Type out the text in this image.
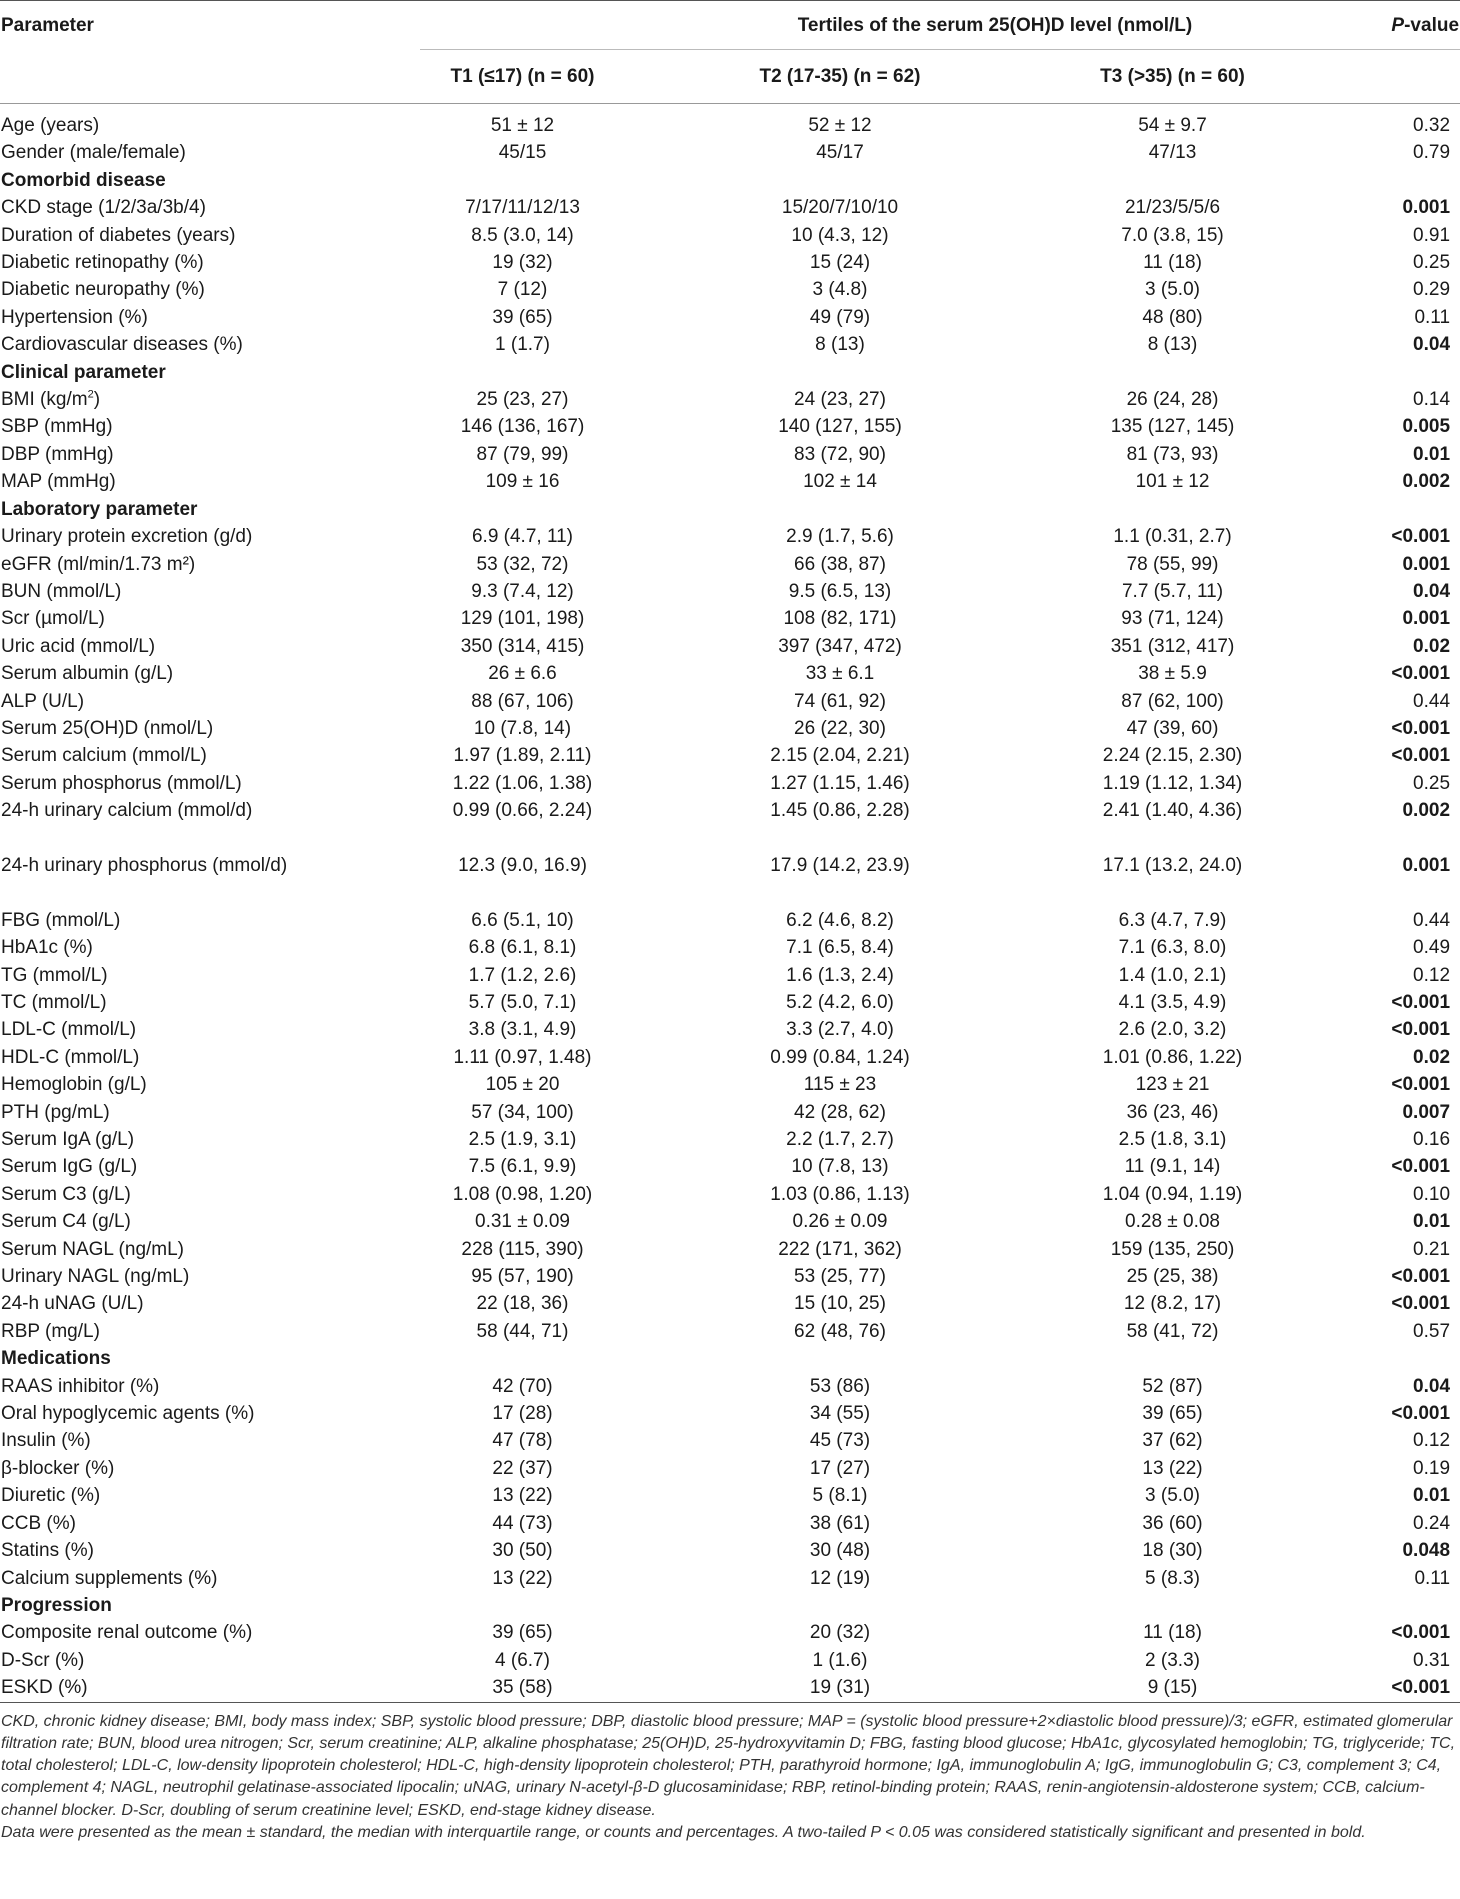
Parameter	Tertiles of the serum 25(OH)D level (nmol/L)			P-value
	T1 (≤17) (n = 60)	T2 (17-35) (n = 62)	T3 (>35) (n = 60)	

Age (years)	51 ± 12	52 ± 12	54 ± 9.7	0.32
Gender (male/female)	45/15	45/17	47/13	0.79
Comorbid disease				
CKD stage (1/2/3a/3b/4)	7/17/11/12/13	15/20/7/10/10	21/23/5/5/6	0.001
Duration of diabetes (years)	8.5 (3.0, 14)	10 (4.3, 12)	7.0 (3.8, 15)	0.91
Diabetic retinopathy (%)	19 (32)	15 (24)	11 (18)	0.25
Diabetic neuropathy (%)	7 (12)	3 (4.8)	3 (5.0)	0.29
Hypertension (%)	39 (65)	49 (79)	48 (80)	0.11
Cardiovascular diseases (%)	1 (1.7)	8 (13)	8 (13)	0.04
Clinical parameter				
BMI $(kg/m^2)$	25 (23, 27)	24 (23, 27)	26 (24, 28)	0.14
SBP (mmHg)	146 (136, 167)	140 (127, 155)	135 (127, 145)	0.005
DBP (mmHg)	87 (79, 99)	83 (72, 90)	81 (73, 93)	0.01
MAP (mmHg)	109 ± 16	102 ± 14	101 ± 12	0.002
Laboratory parameter				
Urinary protein excretion (g/d)	6.9 (4.7, 11)	2.9 (1.7, 5.6)	1.1 (0.31, 2.7)	<0.001
eGFR (ml/min/1.73 m²)	53 (32, 72)	66 (38, 87)	78 (55, 99)	0.001
BUN (mmol/L)	9.3 (7.4, 12)	9.5 (6.5, 13)	7.7 (5.7, 11)	0.04
Scr (µmol/L)	129 (101, 198)	108 (82, 171)	93 (71, 124)	0.001
Uric acid (mmol/L)	350 (314, 415)	397 (347, 472)	351 (312, 417)	0.02
Serum albumin (g/L)	26 ± 6.6	33 ± 6.1	38 ± 5.9	<0.001
ALP (U/L)	88 (67, 106)	74 (61, 92)	87 (62, 100)	0.44
Serum 25(OH)D (nmol/L)	10 (7.8, 14)	26 (22, 30)	47 (39, 60)	<0.001
Serum calcium (mmol/L)	1.97 (1.89, 2.11)	2.15 (2.04, 2.21)	2.24 (2.15, 2.30)	<0.001
Serum phosphorus (mmol/L)	1.22 (1.06, 1.38)	1.27 (1.15, 1.46)	1.19 (1.12, 1.34)	0.25
24-h urinary calcium (mmol/d)	0.99 (0.66, 2.24)	1.45 (0.86, 2.28)	2.41 (1.40, 4.36)	0.002
24-h urinary phosphorus (mmol/d)	12.3 (9.0, 16.9)	17.9 (14.2, 23.9)	17.1 (13.2, 24.0)	0.001
FBG (mmol/L)	6.6 (5.1, 10)	6.2 (4.6, 8.2)	6.3 (4.7, 7.9)	0.44
HbA1c (%)	6.8 (6.1, 8.1)	7.1 (6.5, 8.4)	7.1 (6.3, 8.0)	0.49
TG (mmol/L)	1.7 (1.2, 2.6)	1.6 (1.3, 2.4)	1.4 (1.0, 2.1)	0.12
TC (mmol/L)	5.7 (5.0, 7.1)	5.2 (4.2, 6.0)	4.1 (3.5, 4.9)	<0.001
LDL-C (mmol/L)	3.8 (3.1, 4.9)	3.3 (2.7, 4.0)	2.6 (2.0, 3.2)	<0.001
HDL-C (mmol/L)	1.11 (0.97, 1.48)	0.99 (0.84, 1.24)	1.01 (0.86, 1.22)	0.02
Hemoglobin (g/L)	105 ± 20	115 ± 23	123 ± 21	<0.001
PTH (pg/mL)	57 (34, 100)	42 (28, 62)	36 (23, 46)	0.007
Serum IgA (g/L)	2.5 (1.9, 3.1)	2.2 (1.7, 2.7)	2.5 (1.8, 3.1)	0.16
Serum IgG (g/L)	7.5 (6.1, 9.9)	10 (7.8, 13)	11 (9.1, 14)	<0.001
Serum C3 (g/L)	1.08 (0.98, 1.20)	1.03 (0.86, 1.13)	1.04 (0.94, 1.19)	0.10
Serum C4 (g/L)	0.31 ± 0.09	0.26 ± 0.09	0.28 ± 0.08	0.01
Serum NAGL (ng/mL)	228 (115, 390)	222 (171, 362)	159 (135, 250)	0.21
Urinary NAGL (ng/mL)	95 (57, 190)	53 (25, 77)	25 (25, 38)	<0.001
24-h uNAG (U/L)	22 (18, 36)	15 (10, 25)	12 (8.2, 17)	<0.001
RBP (mg/L)	58 (44, 71)	62 (48, 76)	58 (41, 72)	0.57
Medications				
RAAS inhibitor (%)	42 (70)	53 (86)	52 (87)	0.04
Oral hypoglycemic agents (%)	17 (28)	34 (55)	39 (65)	<0.001
Insulin (%)	47 (78)	45 (73)	37 (62)	0.12
β-blocker (%)	22 (37)	17 (27)	13 (22)	0.19
Diuretic (%)	13 (22)	5 (8.1)	3 (5.0)	0.01
CCB (%)	44 (73)	38 (61)	36 (60)	0.24
Statins (%)	30 (50)	30 (48)	18 (30)	0.048
Calcium supplements (%)	13 (22)	12 (19)	5 (8.3)	0.11
Progression				
Composite renal outcome (%)	39 (65)	20 (32)	11 (18)	<0.001
D-Scr (%)	4 (6.7)	1 (1.6)	2 (3.3)	0.31
ESKD (%)	35 (58)	19 (31)	9 (15)	<0.001

CKD, chronic kidney disease; BMI, body mass index; SBP, systolic blood pressure; DBP, diastolic blood pressure; MAP = (systolic blood pressure+2×diastolic blood pressure)/3; eGFR, estimated glomerular filtration rate; BUN, blood urea nitrogen; Scr, serum creatinine; ALP, alkaline phosphatase; 25(OH)D, 25-hydroxyvitamin D; FBG, fasting blood glucose; HbA1c, glycosylated hemoglobin; TG, triglyceride; TC, total cholesterol; LDL-C, low-density lipoprotein cholesterol; HDL-C, high-density lipoprotein cholesterol; PTH, parathyroid hormone; IgA, immunoglobulin A; IgG, immunoglobulin G; C3, complement 3; C4, complement 4; NAGL, neutrophil gelatinase-associated lipocalin; uNAG, urinary N-acetyl-β-D glucosaminidase; RBP, retinol-binding protein; RAAS, renin-angiotensin-aldosterone system; CCB, calcium-channel blocker. D-Scr, doubling of serum creatinine level; ESKD, end-stage kidney disease.

Data were presented as the mean ± standard, the median with interquartile range, or counts and percentages. A two-tailed P < 0.05 was considered statistically significant and presented in bold.
